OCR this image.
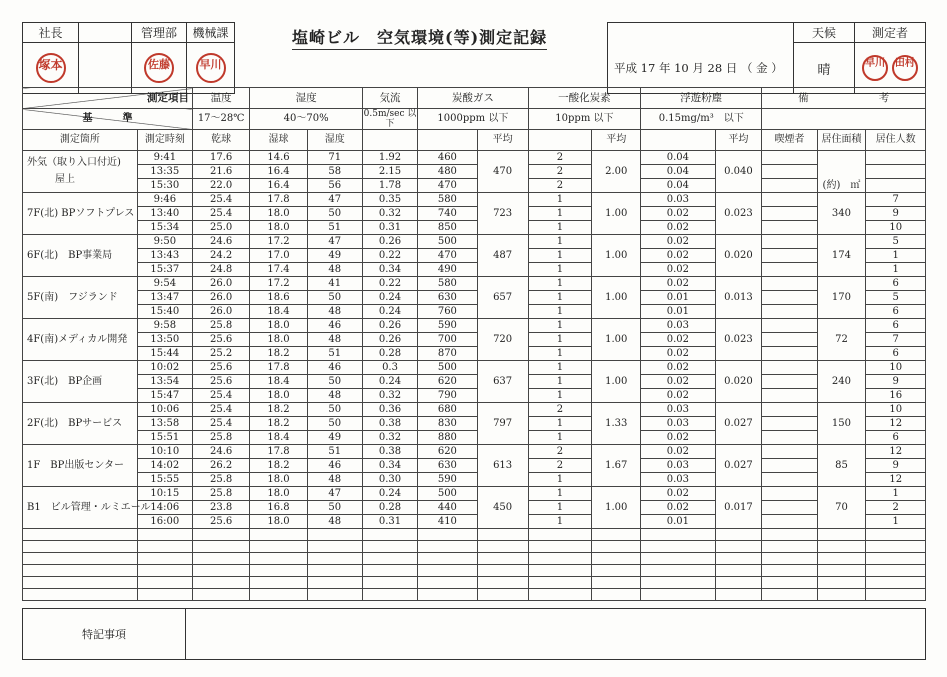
社長		管理部	機械課
塚本		佐藤	早川
塩崎ビル　空気環境(等)測定記録
		天候	測定者
平成 17 年 10 月 28 日 （ 金 ）	晴	早川 田村
測定項目		温度	湿度		気流	炭酸ガス		一酸化炭素		浮遊粉塵		備 考		
基 準		17～28℃	40～70%		0.5m/sec 以下	1000ppm 以下		10ppm 以下		0.15mg/m³　以下				
測定箇所	測定時刻	乾球	湿球	湿度			平均		平均		平均	喫煙者	居住面積	居住人数

外気（取り入口付近)
屋上	9:41	17.6	14.6	71	1.92	460	470	2	2.00	0.04	0.040		(約)　㎡	
	13:35	21.6	16.4	58	2.15	480		2		0.04				
	15:30	22.0	16.4	56	1.78	470		2		0.04				

7F(北) BPソフトプレス	9:46	25.4	17.8	47	0.35	580	723	1	1.00	0.03	0.023		340	7
	13:40	25.4	18.0	50	0.32	740		1		0.02				9
	15:34	25.0	18.0	51	0.31	850		1		0.02				10

6F(北)　BP事業局	9:50	24.6	17.2	47	0.26	500	487	1	1.00	0.02	0.020		174	5
	13:43	24.2	17.0	49	0.22	470		1		0.02				1
	15:37	24.8	17.4	48	0.34	490		1		0.02				1

5F(南)　フジランド	9:54	26.0	17.2	41	0.22	580	657	1	1.00	0.02	0.013		170	6
	13:47	26.0	18.6	50	0.24	630		1		0.01				5
	15:40	26.0	18.4	48	0.24	760		1		0.01				6

4F(南)メディカル開発	9:58	25.8	18.0	46	0.26	590	720	1	1.00	0.03	0.023		72	6
	13:50	25.6	18.0	48	0.26	700		1		0.02				7
	15:44	25.2	18.2	51	0.28	870		1		0.02				6

3F(北)　BP企画	10:02	25.6	17.8	46	0.3	500	637	1	1.00	0.02	0.020		240	10
	13:54	25.6	18.4	50	0.24	620		1		0.02				9
	15:47	25.4	18.0	48	0.32	790		1		0.02				16

2F(北)　BPサービス	10:06	25.4	18.2	50	0.36	680	797	2	1.33	0.03	0.027		150	10
	13:58	25.4	18.2	50	0.38	830		1		0.03				12
	15:51	25.8	18.4	49	0.32	880		1		0.02				6

1F　BP出版センター	10:10	24.6	17.8	51	0.38	620	613	2	1.67	0.02	0.027		85	12
	14:02	26.2	18.2	46	0.34	630		2		0.03				9
	15:55	25.8	18.0	48	0.30	590		1		0.03				12

B1　ビル管理・ルミエール	10:15	25.8	18.0	47	0.24	500	450	1	1.00	0.02	0.017		70	1
	14:06	23.8	16.8	50	0.28	440		1		0.02				2
	16:00	25.6	18.0	48	0.31	410		1		0.01				1

特記事項	
